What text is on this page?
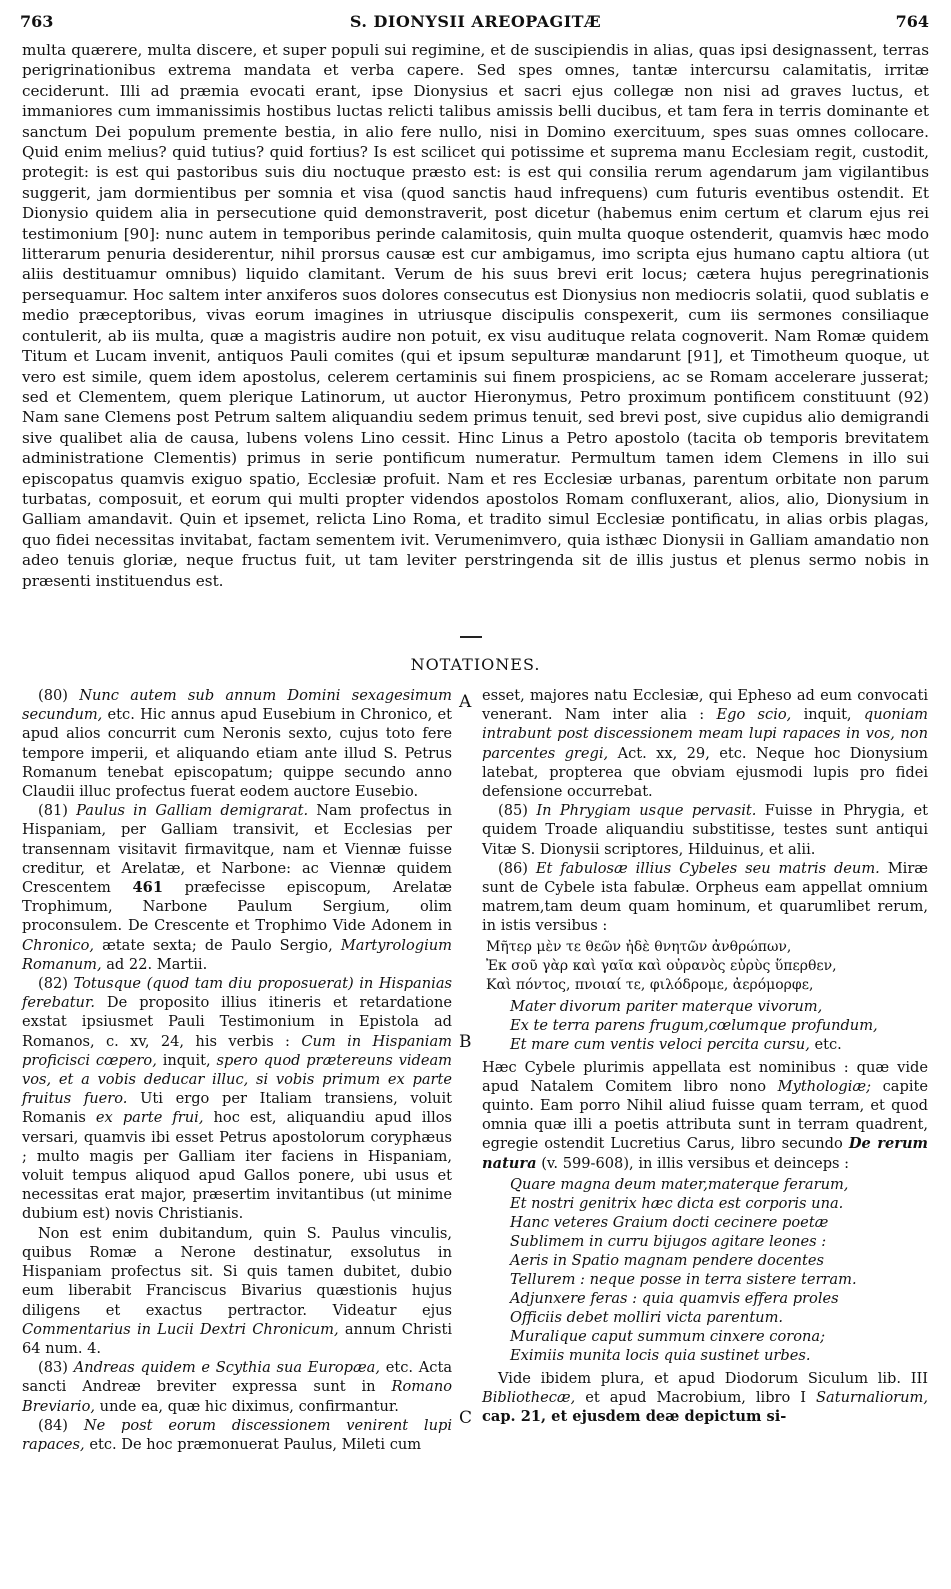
763	S. DIONYSII AREOPAGITÆ	764

multa quærere, multa discere, et super populi sui regimine, et de suscipiendis in alias, quas ipsi designassent, terras perigrinationibus extrema mandata et verba capere. Sed spes omnes, tantæ intercursu calamitatis, irritæ ceciderunt. Illi ad præmia evocati erant, ipse Dionysius et sacri ejus collegæ non nisi ad graves luctus, et immaniores cum immanissimis hostibus luctas relicti talibus amissis belli ducibus, et tam fera in terris dominante et sanctum Dei populum premente bestia, in alio fere nullo, nisi in Domino exercituum, spes suas omnes collocare. Quid enim melius? quid tutius? quid fortius? Is est scilicet qui potissime et suprema manu Ecclesiam regit, custodit, protegit: is est qui pastoribus suis diu noctuque præsto est: is est qui consilia rerum agendarum jam vigilantibus suggerit, jam dormientibus per somnia et visa (quod sanctis haud infrequens) cum futuris eventibus ostendit. Et Dionysio quidem alia in persecutione quid demonstraverit, post dicetur (habemus enim certum et clarum ejus rei testimonium [90]: nunc autem in temporibus perinde calamitosis, quin multa quoque ostenderit, quamvis hæc modo litterarum penuria desiderentur, nihil prorsus causæ est cur ambigamus, imo scripta ejus humano captu altiora (ut aliis destituamur omnibus) liquido clamitant. Verum de his suus brevi erit locus; cætera hujus peregrinationis persequamur. Hoc saltem inter anxiferos suos dolores consecutus est Dionysius non mediocris solatii, quod sublatis e medio præceptoribus, vivas eorum imagines in utriusque discipulis conspexerit, cum iis sermones consiliaque contulerit, ab iis multa, quæ a magistris audire non potuit, ex visu audituque relata cognoverit. Nam Romæ quidem Titum et Lucam invenit, antiquos Pauli comites (qui et ipsum sepulturæ mandarunt [91], et Timotheum quoque, ut vero est simile, quem idem apostolus, celerem certaminis sui finem prospiciens, ac se Romam accelerare jusserat; sed et Clementem, quem plerique Latinorum, ut auctor Hieronymus, Petro proximum pontificem constituunt (92) Nam sane Clemens post Petrum saltem aliquandiu sedem primus tenuit, sed brevi post, sive cupidus alio demigrandi sive qualibet alia de causa, lubens volens Lino cessit. Hinc Linus a Petro apostolo (tacita ob temporis brevitatem administratione Clementis) primus in serie pontificum numeratur. Permultum tamen idem Clemens in illo sui episcopatus quamvis exiguo spatio, Ecclesiæ profuit. Nam et res Ecclesiæ urbanas, parentum orbitate non parum turbatas, composuit, et eorum qui multi propter videndos apostolos Romam confluxerant, alios, alio, Dionysium in Galliam amandavit. Quin et ipsemet, relicta Lino Roma, et tradito simul Ecclesiæ pontificatu, in alias orbis plagas, quo fidei necessitas invitabat, factam sementem ivit. Verumenimvero, quia isthæc Dionysii in Galliam amandatio non adeo tenuis gloriæ, neque fructus fuit, ut tam leviter perstringenda sit de illis justus et plenus sermo nobis in præsenti instituendus est.

NOTATIONES.
A
B
C

(80) Nunc autem sub annum Domini sexagesimum secundum, etc. Hic annus apud Eusebium in Chronico, et apud alios concurrit cum Neronis sexto, cujus toto fere tempore imperii, et aliquando etiam ante illud S. Petrus Romanum tenebat episcopatum; quippe secundo anno Claudii illuc profectus fuerat eodem auctore Eusebio.

(81) Paulus in Galliam demigrarat. Nam profectus in Hispaniam, per Galliam transivit, et Ecclesias per transennam visitavit firmavitque, nam et Viennæ fuisse creditur, et Arelatæ, et Narbone: ac Viennæ quidem Crescentem 461 præfecisse episcopum, Arelatæ Trophimum, Narbone Paulum Sergium, olim proconsulem. De Crescente et Trophimo Vide Adonem in Chronico, ætate sexta; de Paulo Sergio, Martyrologium Romanum, ad 22. Martii.

(82) Totusque (quod tam diu proposuerat) in Hispanias ferebatur. De proposito illius itineris et retardatione exstat ipsiusmet Pauli Testimonium in Epistola ad Romanos, c. xv, 24, his verbis : Cum in Hispaniam proficisci cœpero, inquit, spero quod prætereuns videam vos, et a vobis deducar illuc, si vobis primum ex parte fruitus fuero. Uti ergo per Italiam transiens, voluit Romanis ex parte frui, hoc est, aliquandiu apud illos versari, quamvis ibi esset Petrus apostolorum coryphæus ; multo magis per Galliam iter faciens in Hispaniam, voluit tempus aliquod apud Gallos ponere, ubi usus et necessitas erat major, præsertim invitantibus (ut minime dubium est) novis Christianis.

Non est enim dubitandum, quin S. Paulus vinculis, quibus Romæ a Nerone destinatur, exsolutus in Hispaniam profectus sit. Si quis tamen dubitet, dubio eum liberabit Franciscus Bivarius quæstionis hujus diligens et exactus pertractor. Videatur ejus Commentarius in Lucii Dextri Chronicum, annum Christi 64 num. 4.

(83) Andreas quidem e Scythia sua Europæa, etc. Acta sancti Andreæ breviter expressa sunt in Romano Breviario, unde ea, quæ hic diximus, confirmantur.

(84) Ne post eorum discessionem venirent lupi rapaces, etc. De hoc præmonuerat Paulus, Mileti cum

esset, majores natu Ecclesiæ, qui Epheso ad eum convocati venerant. Nam inter alia : Ego scio, inquit, quoniam intrabunt post discessionem meam lupi rapaces in vos, non parcentes gregi, Act. xx, 29, etc. Neque hoc Dionysium latebat, propterea que obviam ejusmodi lupis pro fidei defensione occurrebat.

(85) In Phrygiam usque pervasit. Fuisse in Phrygia, et quidem Troade aliquandiu substitisse, testes sunt antiqui Vitæ S. Dionysii scriptores, Hilduinus, et alii.

(86) Et fabulosæ illius Cybeles seu matris deum. Miræ sunt de Cybele ista fabulæ. Orpheus eam appellat omnium matrem,tam deum quam hominum, et quarumlibet rerum, in istis versibus :

Μῆτερ μὲν τε θεῶν ἠδὲ θνητῶν ἀνθρώπων,
Ἐκ σοῦ γὰρ καὶ γαῖα καὶ οὐρανὸς εὐρὺς ὕπερθεν,
Καὶ πόντος, πνοιαί τε, φιλόδρομε, ἀερόμορφε,
Mater divorum pariter materque vivorum,
Ex te terra parens frugum,cœlumque profundum,
Et mare cum ventis veloci percita cursu, etc.

Hæc Cybele plurimis appellata est nominibus : quæ vide apud Natalem Comitem libro nono Mythologiæ; capite quinto. Eam porro Nihil aliud fuisse quam terram, et quod omnia quæ illi a poetis attributa sunt in terram quadrent, egregie ostendit Lucretius Carus, libro secundo De rerum natura (v. 599-608), in illis versibus et deinceps :

Quare magna deum mater,materque ferarum,
Et nostri genitrix hæc dicta est corporis una.
Hanc veteres Graium docti cecinere poetæ
Sublimem in curru bijugos agitare leones :
Aeris in Spatio magnam pendere docentes
Tellurem : neque posse in terra sistere terram.
Adjunxere feras : quia quamvis effera proles
Officiis debet molliri victa parentum.
Muralique caput summum cinxere corona;
Eximiis munita locis quia sustinet urbes.

Vide ibidem plura, et apud Diodorum Siculum lib. III Bibliothecæ, et apud Macrobium, libro I Saturnaliorum, cap. 21, et ejusdem deæ depictum si-
